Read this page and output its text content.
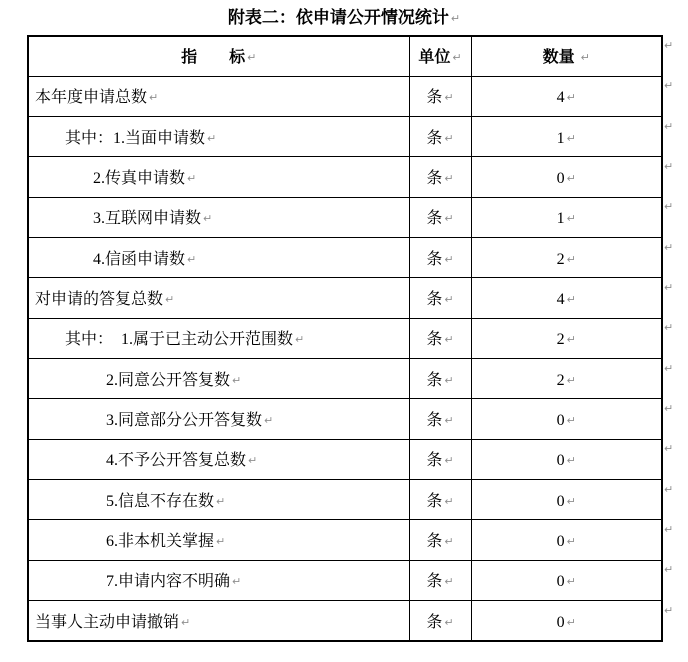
附表二：依申请公开情况统计 ↵
指　　标 ↵	单位 ↵	数量 ↵
本年度申请总数 ↵	条 ↵	4 ↵
其中：1.当面申请数 ↵	条 ↵	1 ↵
2.传真申请数 ↵	条 ↵	0 ↵
3.互联网申请数 ↵	条 ↵	1 ↵
4.信函申请数 ↵	条 ↵	2 ↵
对申请的答复总数 ↵	条 ↵	4 ↵
其中：　1.属于已主动公开范围数 ↵	条 ↵	2 ↵
2.同意公开答复数 ↵	条 ↵	2 ↵
3.同意部分公开答复数 ↵	条 ↵	0 ↵
4.不予公开答复总数 ↵	条 ↵	0 ↵
5.信息不存在数 ↵	条 ↵	0 ↵
6.非本机关掌握 ↵	条 ↵	0 ↵
7.申请内容不明确 ↵	条 ↵	0 ↵
当事人主动申请撤销 ↵	条 ↵	0 ↵
↵
↵
↵
↵
↵
↵
↵
↵
↵
↵
↵
↵
↵
↵
↵
